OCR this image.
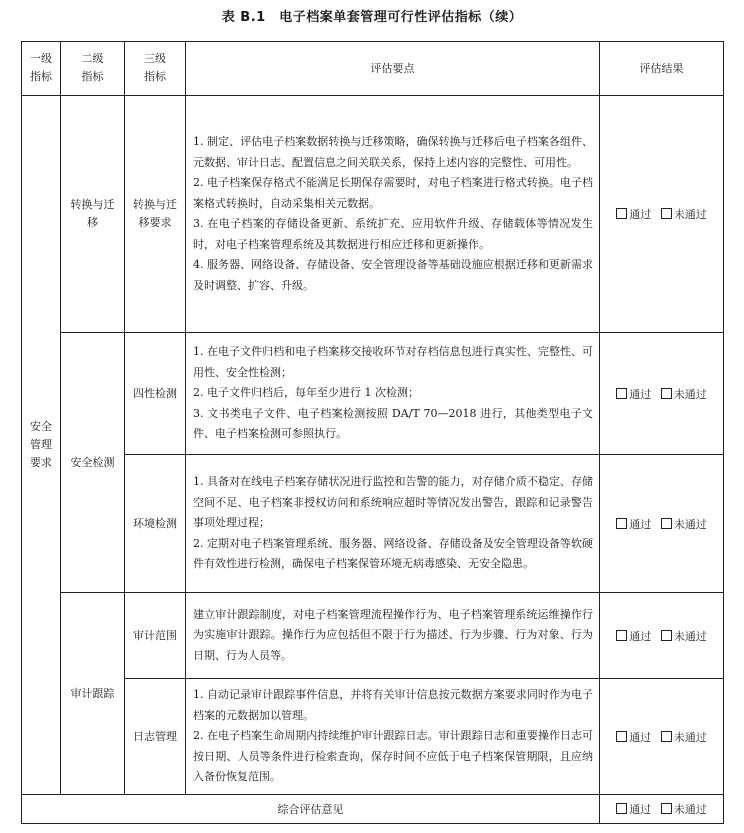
表 B.1　电子档案单套管理可行性评估指标（续）
一级指标	二级指标	三级指标	评估要点	评估结果
安全管理要求	转换与迁移	转换与迁移要求	1. 制定、评估电子档案数据转换与迁移策略，确保转换与迁移后电子档案各组件、元数据、审计日志、配置信息之间关联关系，保持上述内容的完整性、可用性。

2. 电子档案保存格式不能满足长期保存需要时，对电子档案进行格式转换。电子档案格式转换时，自动采集相关元数据。

3. 在电子档案的存储设备更新、系统扩充、应用软件升级、存储载体等情况发生时，对电子档案管理系统及其数据进行相应迁移和更新操作。

4. 服务器、网络设备、存储设备、安全管理设备等基础设施应根据迁移和更新需求及时调整、扩容、升级。	通过 未通过
	安全检测	四性检测	1. 在电子文件归档和电子档案移交接收环节对存档信息包进行真实性、完整性、可用性、安全性检测；

2. 电子文件归档后，每年至少进行 1 次检测；

3. 文书类电子文件、电子档案检测按照 DA/T 70—2018 进行，其他类型电子文件、电子档案检测可参照执行。	通过 未通过
		环境检测	1. 具备对在线电子档案存储状况进行监控和告警的能力，对存储介质不稳定、存储空间不足、电子档案非授权访问和系统响应超时等情况发出警告，跟踪和记录警告事项处理过程；

2. 定期对电子档案管理系统、服务器、网络设备、存储设备及安全管理设备等软硬件有效性进行检测，确保电子档案保管环境无病毒感染、无安全隐患。	通过 未通过
	审计跟踪	审计范围	建立审计跟踪制度，对电子档案管理流程操作行为、电子档案管理系统运维操作行为实施审计跟踪。操作行为应包括但不限于行为描述、行为步骤、行为对象、行为日期、行为人员等。	通过 未通过
		日志管理	1. 自动记录审计跟踪事件信息，并将有关审计信息按元数据方案要求同时作为电子档案的元数据加以管理。

2. 在电子档案生命周期内持续维护审计跟踪日志。审计跟踪日志和重要操作日志可按日期、人员等条件进行检索查询，保存时间不应低于电子档案保管期限，且应纳入备份恢复范围。	通过 未通过
综合评估意见				通过 未通过
